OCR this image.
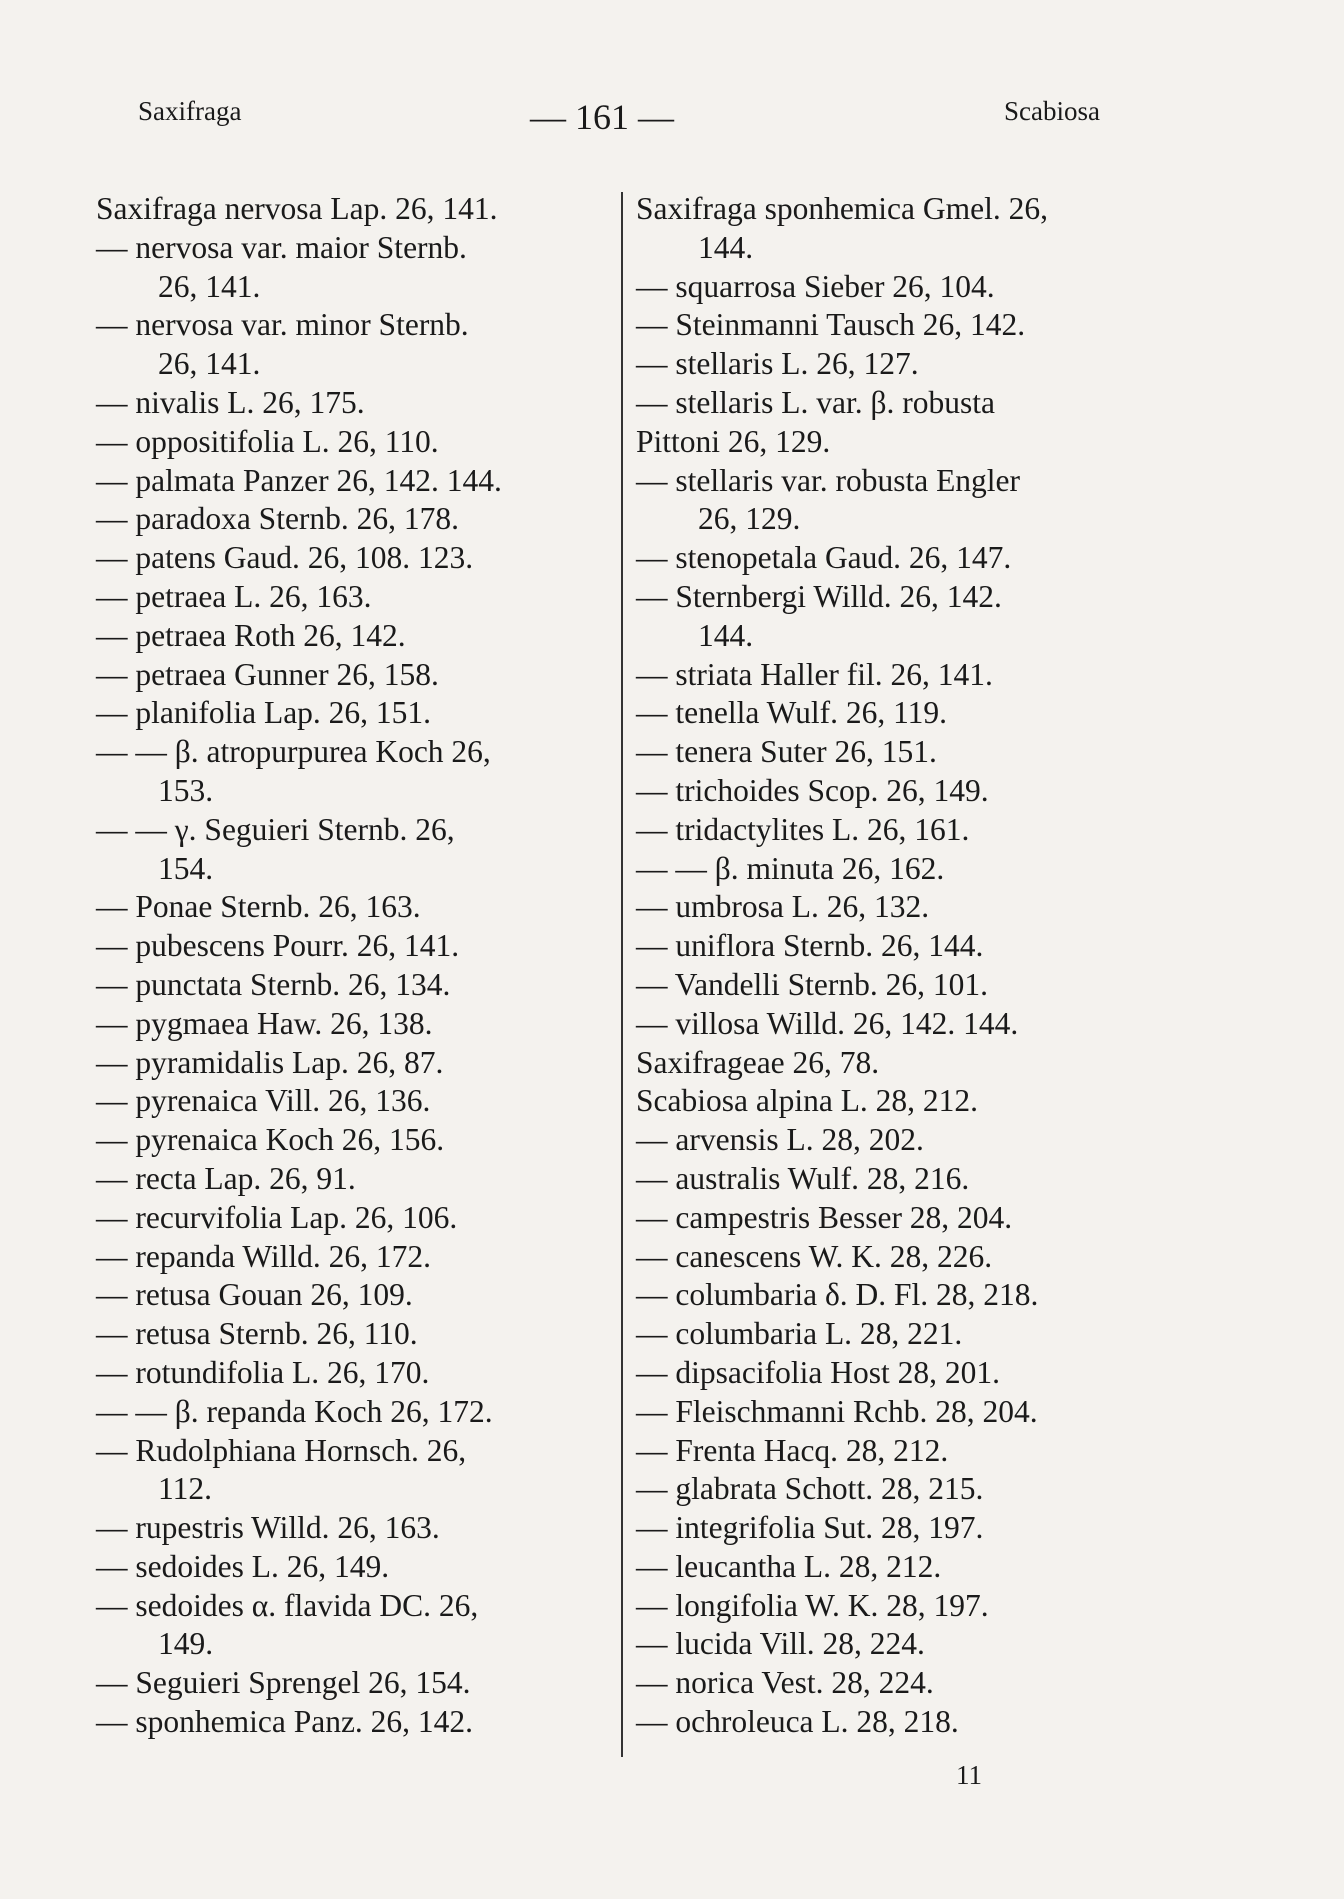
Saxifraga	— 161 —	Scabiosa
Saxifraga nervosa Lap. 26, 141.
— nervosa var. maior Sternb.
26, 141.
— nervosa var. minor Sternb.
26, 141.
— nivalis L. 26, 175.
— oppositifolia L. 26, 110.
— palmata Panzer 26, 142. 144.
— paradoxa Sternb. 26, 178.
— patens Gaud. 26, 108. 123.
— petraea L. 26, 163.
— petraea Roth 26, 142.
— petraea Gunner 26, 158.
— planifolia Lap. 26, 151.
— — β. atropurpurea Koch 26,
153.
— — γ. Seguieri Sternb. 26,
154.
— Ponae Sternb. 26, 163.
— pubescens Pourr. 26, 141.
— punctata Sternb. 26, 134.
— pygmaea Haw. 26, 138.
— pyramidalis Lap. 26, 87.
— pyrenaica Vill. 26, 136.
— pyrenaica Koch 26, 156.
— recta Lap. 26, 91.
— recurvifolia Lap. 26, 106.
— repanda Willd. 26, 172.
— retusa Gouan 26, 109.
— retusa Sternb. 26, 110.
— rotundifolia L. 26, 170.
— — β. repanda Koch 26, 172.
— Rudolphiana Hornsch. 26,
112.
— rupestris Willd. 26, 163.
— sedoides L. 26, 149.
— sedoides α. flavida DC. 26,
149.
— Seguieri Sprengel 26, 154.
— sponhemica Panz. 26, 142.
Saxifraga sponhemica Gmel. 26,
144.
— squarrosa Sieber 26, 104.
— Steinmanni Tausch 26, 142.
— stellaris L. 26, 127.
— stellaris L. var. β. robusta
Pittoni 26, 129.
— stellaris var. robusta Engler
26, 129.
— stenopetala Gaud. 26, 147.
— Sternbergi Willd. 26, 142.
144.
— striata Haller fil. 26, 141.
— tenella Wulf. 26, 119.
— tenera Suter 26, 151.
— trichoides Scop. 26, 149.
— tridactylites L. 26, 161.
— — β. minuta 26, 162.
— umbrosa L. 26, 132.
— uniflora Sternb. 26, 144.
— Vandelli Sternb. 26, 101.
— villosa Willd. 26, 142. 144.
Saxifrageae 26, 78.
Scabiosa alpina L. 28, 212.
— arvensis L. 28, 202.
— australis Wulf. 28, 216.
— campestris Besser 28, 204.
— canescens W. K. 28, 226.
— columbaria δ. D. Fl. 28, 218.
— columbaria L. 28, 221.
— dipsacifolia Host 28, 201.
— Fleischmanni Rchb. 28, 204.
— Frenta Hacq. 28, 212.
— glabrata Schott. 28, 215.
— integrifolia Sut. 28, 197.
— leucantha L. 28, 212.
— longifolia W. K. 28, 197.
— lucida Vill. 28, 224.
— norica Vest. 28, 224.
— ochroleuca L. 28, 218.
11
